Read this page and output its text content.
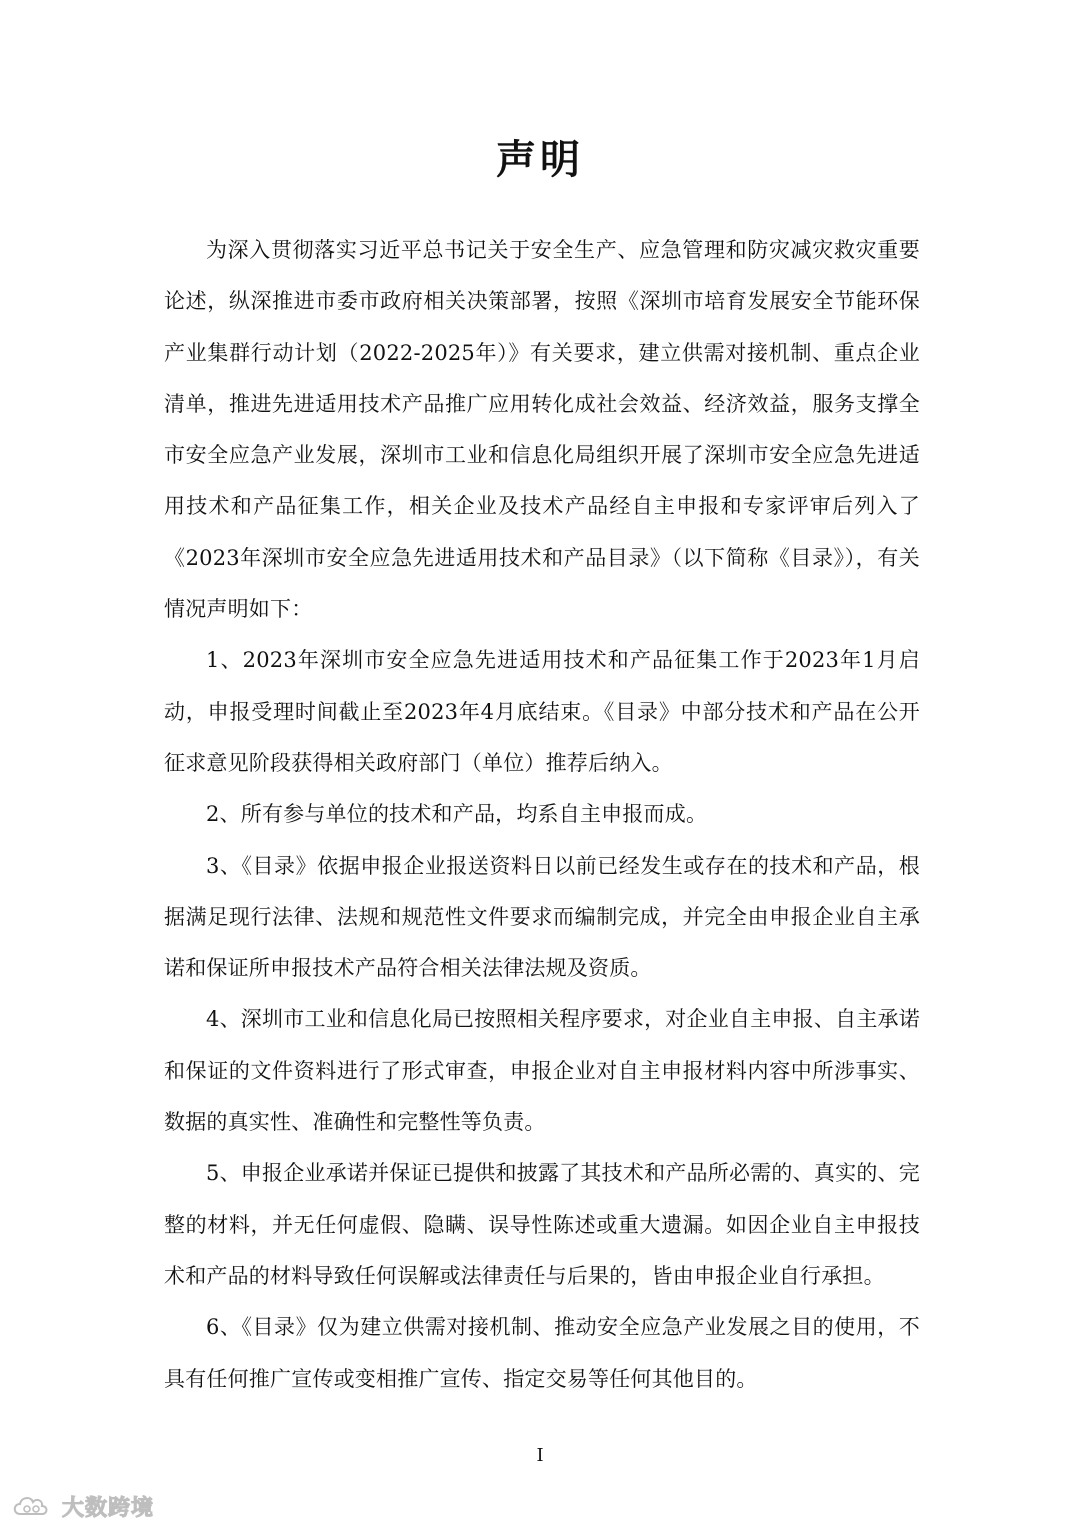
声明

为深入贯彻落实习近平总书记关于安全生产、应急管理和防灾减灾救灾重要论述，纵深推进市委市政府相关决策部署，按照《深圳市培育发展安全节能环保产业集群行动计划（2022-2025年）》有关要求，建立供需对接机制、重点企业清单，推进先进适用技术产品推广应用转化成社会效益、经济效益，服务支撑全市安全应急产业发展，深圳市工业和信息化局组织开展了深圳市安全应急先进适用技术和产品征集工作，相关企业及技术产品经自主申报和专家评审后列入了《2023年深圳市安全应急先进适用技术和产品目录》（以下简称《目录》），有关情况声明如下：

1、2023年深圳市安全应急先进适用技术和产品征集工作于2023年1月启动，申报受理时间截止至2023年4月底结束。《目录》中部分技术和产品在公开征求意见阶段获得相关政府部门（单位）推荐后纳入。

2、所有参与单位的技术和产品，均系自主申报而成。

3、《目录》依据申报企业报送资料日以前已经发生或存在的技术和产品，根据满足现行法律、法规和规范性文件要求而编制完成，并完全由申报企业自主承诺和保证所申报技术产品符合相关法律法规及资质。

4、深圳市工业和信息化局已按照相关程序要求，对企业自主申报、自主承诺和保证的文件资料进行了形式审查，申报企业对自主申报材料内容中所涉事实、数据的真实性、准确性和完整性等负责。

5、申报企业承诺并保证已提供和披露了其技术和产品所必需的、真实的、完整的材料，并无任何虚假、隐瞒、误导性陈述或重大遗漏。如因企业自主申报技术和产品的材料导致任何误解或法律责任与后果的，皆由申报企业自行承担。

6、《目录》仅为建立供需对接机制、推动安全应急产业发展之目的使用，不具有任何推广宣传或变相推广宣传、指定交易等任何其他目的。

I
大数跨境
